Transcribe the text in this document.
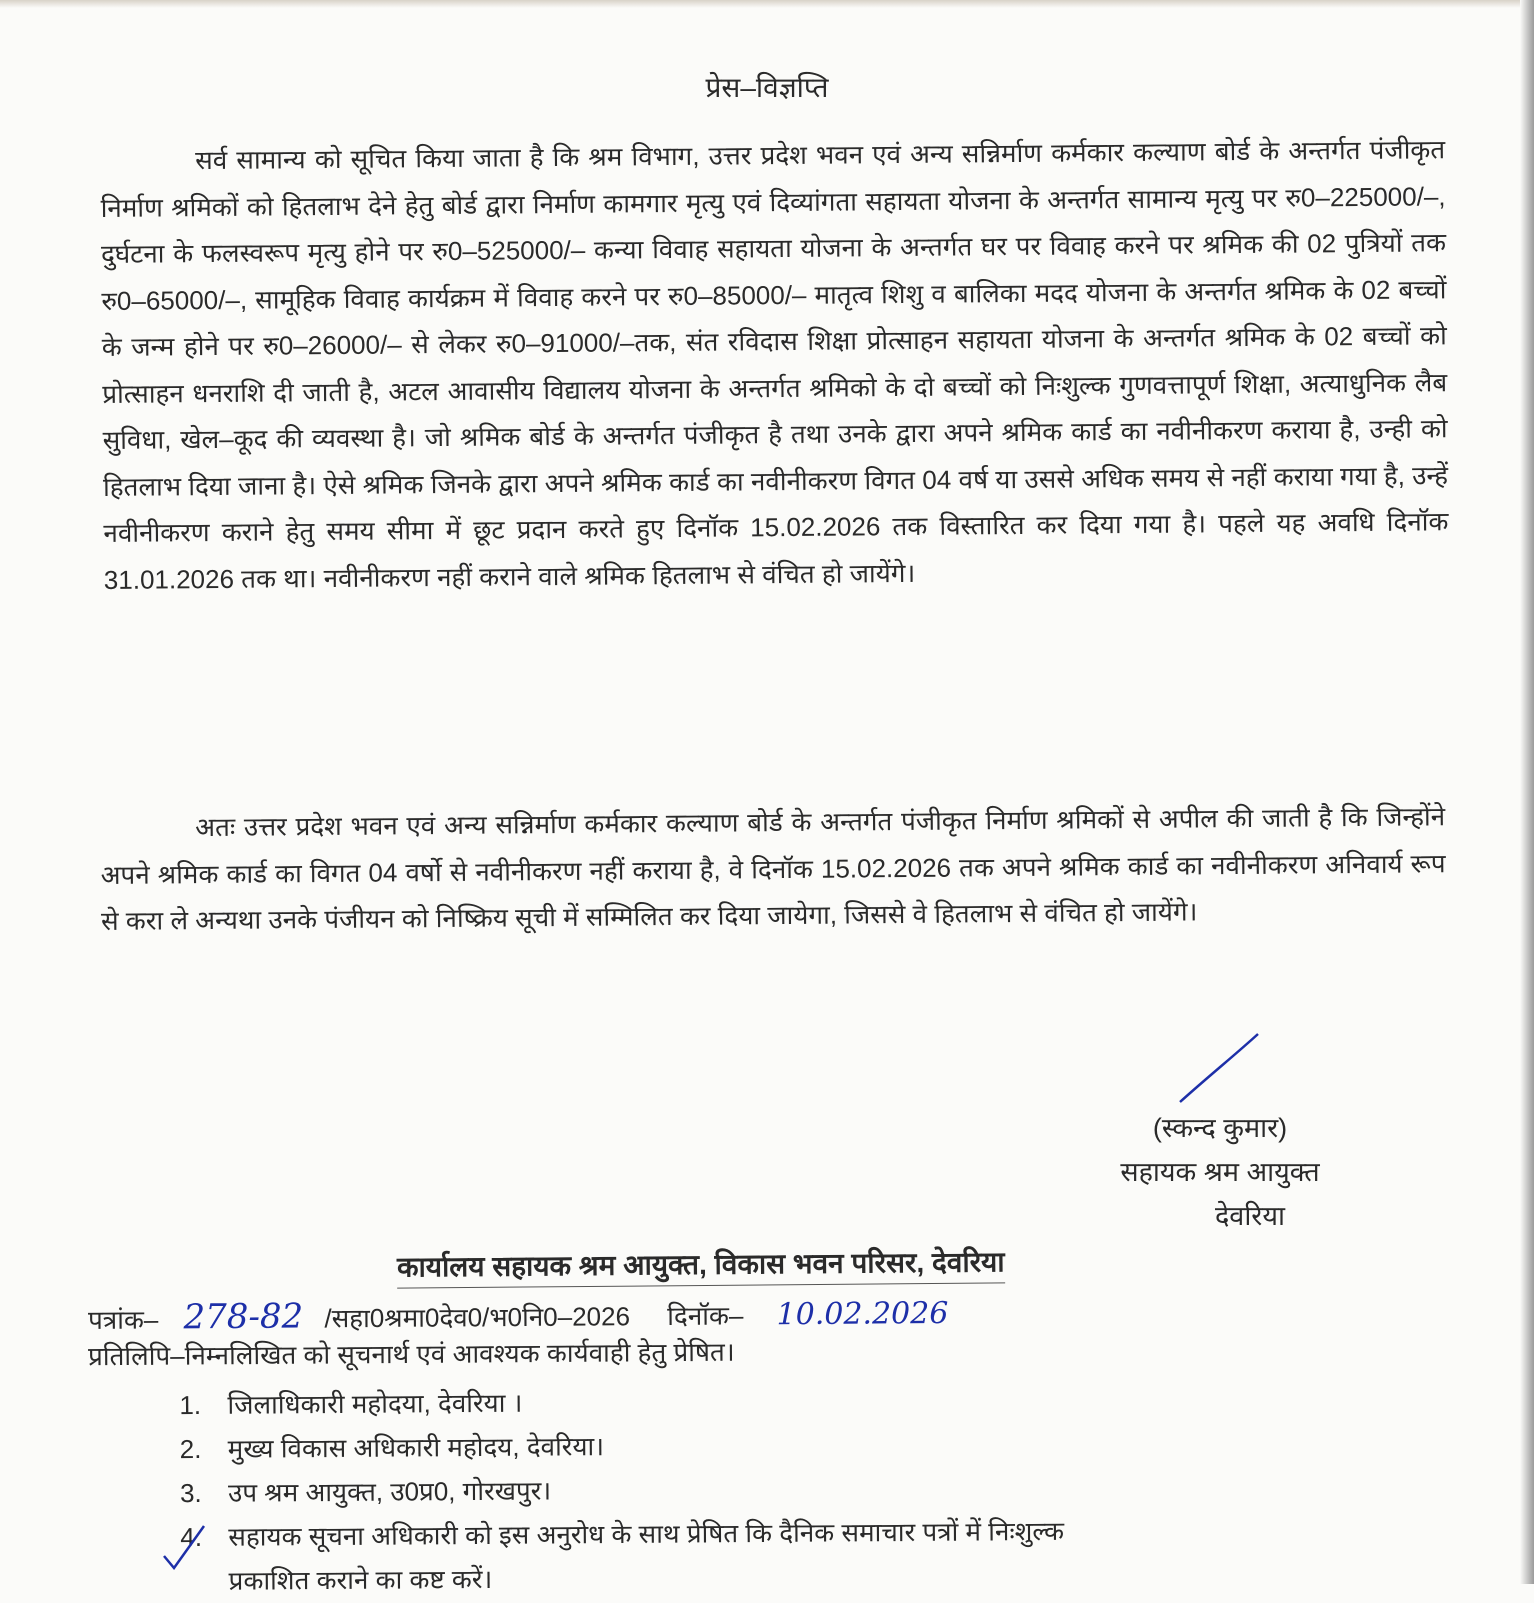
प्रेस–विज्ञप्ति
सर्व सामान्य को सूचित किया जाता है कि श्रम विभाग, उत्तर प्रदेश भवन एवं अन्य सन्निर्माण कर्मकार कल्याण बोर्ड के अन्तर्गत पंजीकृत निर्माण श्रमिकों को हितलाभ देने हेतु बोर्ड द्वारा निर्माण कामगार मृत्यु एवं दिव्यांगता सहायता योजना के अन्तर्गत सामान्य मृत्यु पर रु0–225000/–, दुर्घटना के फलस्वरूप मृत्यु होने पर रु0–525000/– कन्या विवाह सहायता योजना के अन्तर्गत घर पर विवाह करने पर श्रमिक की 02 पुत्रियों तक रु0–65000/–, सामूहिक विवाह कार्यक्रम में विवाह करने पर रु0–85000/– मातृत्व शिशु व बालिका मदद योजना के अन्तर्गत श्रमिक के 02 बच्चों के जन्म होने पर रु0–26000/– से लेकर रु0–91000/–तक, संत रविदास शिक्षा प्रोत्साहन सहायता योजना के अन्तर्गत श्रमिक के 02 बच्चों को प्रोत्साहन धनराशि दी जाती है, अटल आवासीय विद्यालय योजना के अन्तर्गत श्रमिको के दो बच्चों को निःशुल्क गुणवत्तापूर्ण शिक्षा, अत्याधुनिक लैब सुविधा, खेल–कूद की व्यवस्था है। जो श्रमिक बोर्ड के अन्तर्गत पंजीकृत है तथा उनके द्वारा अपने श्रमिक कार्ड का नवीनीकरण कराया है, उन्ही को हितलाभ दिया जाना है। ऐसे श्रमिक जिनके द्वारा अपने श्रमिक कार्ड का नवीनीकरण विगत 04 वर्ष या उससे अधिक समय से नहीं कराया गया है, उन्हें नवीनीकरण कराने हेतु समय सीमा में छूट प्रदान करते हुए दिनॉक 15.02.2026 तक विस्तारित कर दिया गया है। पहले यह अवधि दिनॉक 31.01.2026 तक था। नवीनीकरण नहीं कराने वाले श्रमिक हितलाभ से वंचित हो जायेंगे।
अतः उत्तर प्रदेश भवन एवं अन्य सन्निर्माण कर्मकार कल्याण बोर्ड के अन्तर्गत पंजीकृत निर्माण श्रमिकों से अपील की जाती है कि जिन्होंने अपने श्रमिक कार्ड का विगत 04 वर्षो से नवीनीकरण नहीं कराया है, वे दिनॉक 15.02.2026 तक अपने श्रमिक कार्ड का नवीनीकरण अनिवार्य रूप से करा ले अन्यथा उनके पंजीयन को निष्क्रिय सूची में सम्मिलित कर दिया जायेगा, जिससे वे हितलाभ से वंचित हो जायेंगे।
(स्कन्द कुमार)
सहायक श्रम आयुक्त
देवरिया
कार्यालय सहायक श्रम आयुक्त, विकास भवन परिसर, देवरिया
पत्रांक– 278-82 /सहा0श्रमा0देव0/भ0नि0–2026 दिनॉक– 10.02.2026
प्रतिलिपि–निम्नलिखित को सूचनार्थ एवं आवश्यक कार्यवाही हेतु प्रेषित।
1. जिलाधिकारी महोदया, देवरिया ।
2. मुख्य विकास अधिकारी महोदय, देवरिया।
3. उप श्रम आयुक्त, उ0प्र0, गोरखपुर।
4. सहायक सूचना अधिकारी को इस अनुरोध के साथ प्रेषित कि दैनिक समाचार पत्रों में निःशुल्क
प्रकाशित कराने का कष्ट करें।
